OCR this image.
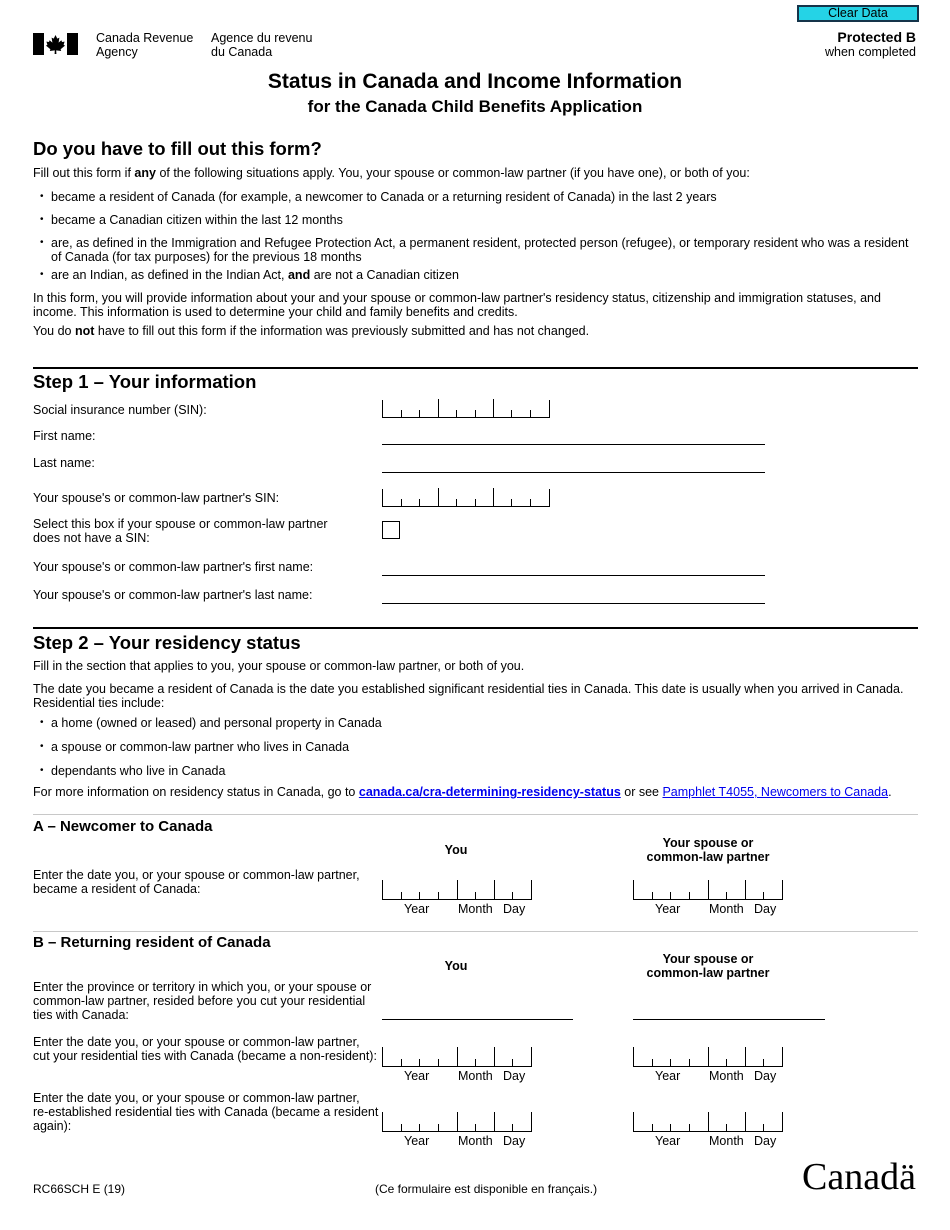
Clear Data
Canada Revenue
Agency
Agence du revenu
du Canada
Protected B
when completed
Status in Canada and Income Information
for the Canada Child Benefits Application
Do you have to fill out this form?
Fill out this form if any of the following situations apply. You, your spouse or common-law partner (if you have one), or both of you:
• became a resident of Canada (for example, a newcomer to Canada or a returning resident of Canada) in the last 2 years
• became a Canadian citizen within the last 12 months
• are, as defined in the Immigration and Refugee Protection Act, a permanent resident, protected person (refugee), or temporary resident who was a resident of Canada (for tax purposes) for the previous 18 months
• are an Indian, as defined in the Indian Act, and are not a Canadian citizen
In this form, you will provide information about your and your spouse or common-law partner's residency status, citizenship and immigration statuses, and income. This information is used to determine your child and family benefits and credits.
You do not have to fill out this form if the information was previously submitted and has not changed.
Step 1 – Your information
Social insurance number (SIN):
First name:
Last name:
Your spouse's or common-law partner's SIN:
Select this box if your spouse or common-law partner
does not have a SIN:
Your spouse's or common-law partner's first name:
Your spouse's or common-law partner's last name:
Step 2 – Your residency status
Fill in the section that applies to you, your spouse or common-law partner, or both of you.
The date you became a resident of Canada is the date you established significant residential ties in Canada. This date is usually when you arrived in Canada. Residential ties include:
• a home (owned or leased) and personal property in Canada
• a spouse or common-law partner who lives in Canada
• dependants who live in Canada
For more information on residency status in Canada, go to canada.ca/cra-determining-residency-status or see Pamphlet T4055, Newcomers to Canada.
A – Newcomer to Canada
You	Your spouse or
common-law partner
Enter the date you, or your spouse or common-law partner,
became a resident of Canada:
Year Month Day	Year Month Day
B – Returning resident of Canada
You	Your spouse or
common-law partner
Enter the province or territory in which you, or your spouse or
common-law partner, resided before you cut your residential
ties with Canada:
Enter the date you, or your spouse or common-law partner,
cut your residential ties with Canada (became a non-resident):
Year Month Day	Year Month Day
Enter the date you, or your spouse or common-law partner,
re-established residential ties with Canada (became a resident
again):
Year Month Day	Year Month Day
RC66SCH E (19)	(Ce formulaire est disponible en français.)	Canadä
